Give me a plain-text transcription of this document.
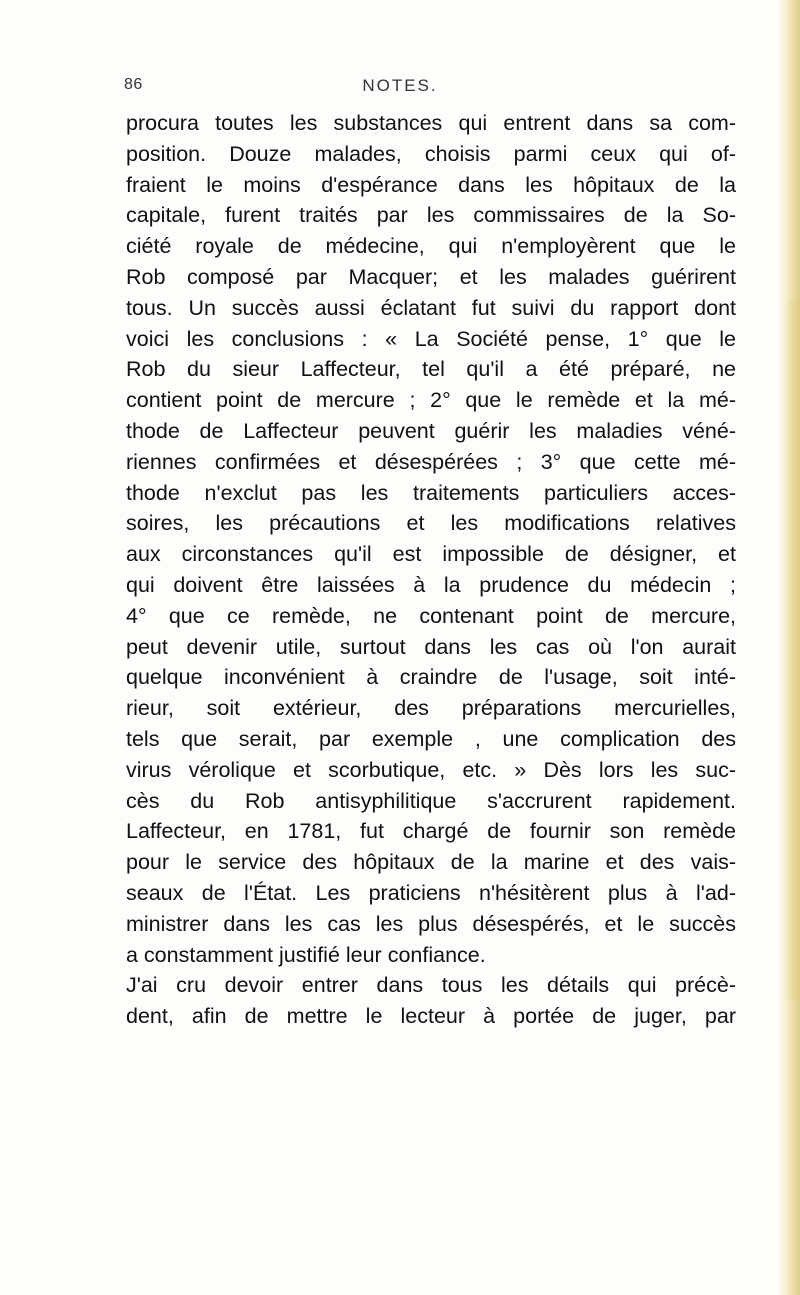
86	NOTES.
procura toutes les substances qui entrent dans sa com-
position. Douze malades, choisis parmi ceux qui of-
fraient le moins d'espérance dans les hôpitaux de la
capitale, furent traités par les commissaires de la So-
ciété royale de médecine, qui n'employèrent que le
Rob composé par Macquer; et les malades guérirent
tous. Un succès aussi éclatant fut suivi du rapport dont
voici les conclusions : « La Société pense, 1° que le
Rob du sieur Laffecteur, tel qu'il a été préparé, ne
contient point de mercure ; 2° que le remède et la mé-
thode de Laffecteur peuvent guérir les maladies véné-
riennes confirmées et désespérées ; 3° que cette mé-
thode n'exclut pas les traitements particuliers acces-
soires, les précautions et les modifications relatives
aux circonstances qu'il est impossible de désigner, et
qui doivent être laissées à la prudence du médecin ;
4° que ce remède, ne contenant point de mercure,
peut devenir utile, surtout dans les cas où l'on aurait
quelque inconvénient à craindre de l'usage, soit inté-
rieur, soit extérieur, des préparations mercurielles,
tels que serait, par exemple , une complication des
virus vérolique et scorbutique, etc. » Dès lors les suc-
cès du Rob antisyphilitique s'accrurent rapidement.
Laffecteur, en 1781, fut chargé de fournir son remède
pour le service des hôpitaux de la marine et des vais-
seaux de l'État. Les praticiens n'hésitèrent plus à l'ad-
ministrer dans les cas les plus désespérés, et le succès
a constamment justifié leur confiance.
J'ai cru devoir entrer dans tous les détails qui précè-
dent, afin de mettre le lecteur à portée de juger, par
